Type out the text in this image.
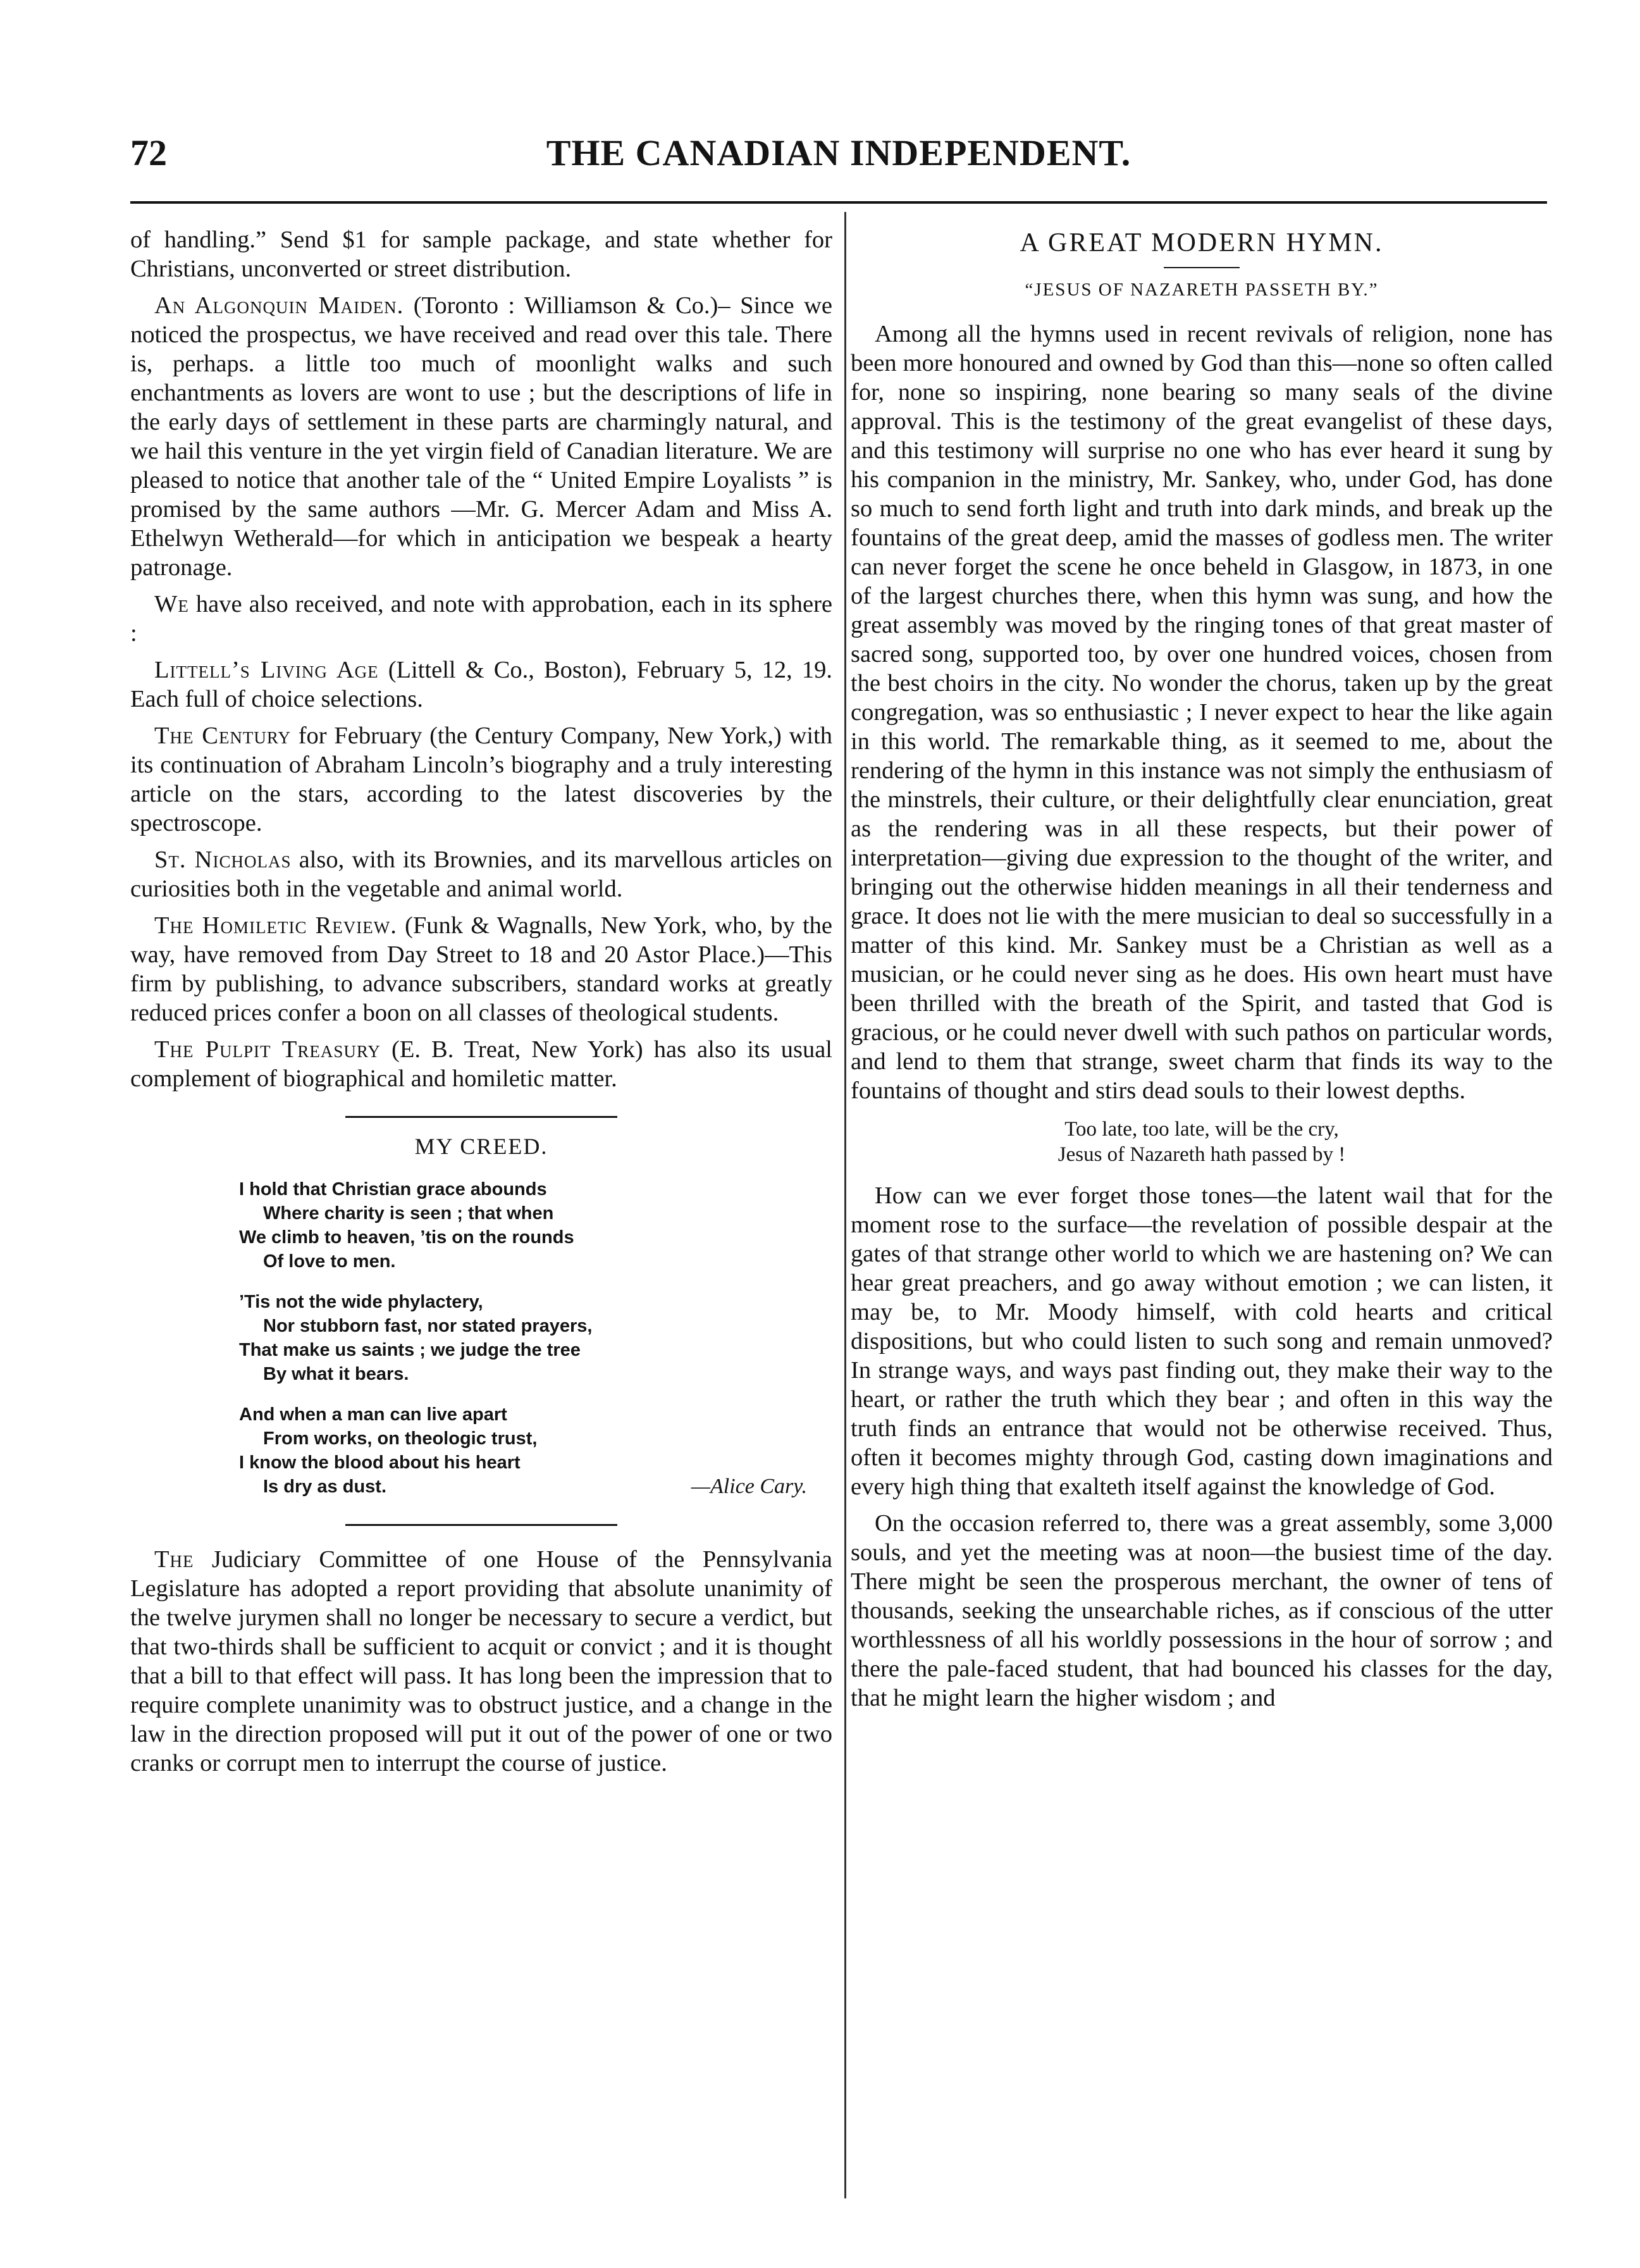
72	THE CANADIAN INDEPENDENT.

of handling.” Send $1 for sample package, and state whether for Christians, unconverted or street distribution.

An Algonquin Maiden. (Toronto : Williamson & Co.)– Since we noticed the prospectus, we have received and read over this tale. There is, perhaps. a little too much of moonlight walks and such enchantments as lovers are wont to use ; but the descriptions of life in the early days of settlement in these parts are charmingly natural, and we hail this venture in the yet virgin field of Canadian literature. We are pleased to notice that another tale of the “ United Empire Loyalists ” is promised by the same authors —Mr. G. Mercer Adam and Miss A. Ethelwyn Wetherald—for which in anticipation we bespeak a hearty patronage.

We have also received, and note with approbation, each in its sphere :

Littell’s Living Age (Littell & Co., Boston), February 5, 12, 19. Each full of choice selections.

The Century for February (the Century Company, New York,) with its continuation of Abraham Lincoln’s biography and a truly interesting article on the stars, according to the latest discoveries by the spectroscope.

St. Nicholas also, with its Brownies, and its marvellous articles on curiosities both in the vegetable and animal world.

The Homiletic Review. (Funk & Wagnalls, New York, who, by the way, have removed from Day Street to 18 and 20 Astor Place.)—This firm by publishing, to advance subscribers, standard works at greatly reduced prices confer a boon on all classes of theological students.

The Pulpit Treasury (E. B. Treat, New York) has also its usual complement of biographical and homiletic matter.

MY CREED.
I hold that Christian grace abounds
Where charity is seen ; that when
We climb to heaven, ’tis on the rounds
Of love to men.
’Tis not the wide phylactery,
Nor stubborn fast, nor stated prayers,
That make us saints ; we judge the tree
By what it bears.
And when a man can live apart
From works, on theologic trust,
I know the blood about his heart
Is dry as dust.	—Alice Cary.

The Judiciary Committee of one House of the Pennsylvania Legislature has adopted a report providing that absolute unanimity of the twelve jurymen shall no longer be necessary to secure a verdict, but that two-thirds shall be sufficient to acquit or convict ; and it is thought that a bill to that effect will pass. It has long been the impression that to require complete unanimity was to obstruct justice, and a change in the law in the direction proposed will put it out of the power of one or two cranks or corrupt men to interrupt the course of justice.

A GREAT MODERN HYMN.
“JESUS OF NAZARETH PASSETH BY.”

Among all the hymns used in recent revivals of religion, none has been more honoured and owned by God than this—none so often called for, none so inspiring, none bearing so many seals of the divine approval. This is the testimony of the great evangelist of these days, and this testimony will surprise no one who has ever heard it sung by his companion in the ministry, Mr. Sankey, who, under God, has done so much to send forth light and truth into dark minds, and break up the fountains of the great deep, amid the masses of godless men. The writer can never forget the scene he once beheld in Glasgow, in 1873, in one of the largest churches there, when this hymn was sung, and how the great assembly was moved by the ringing tones of that great master of sacred song, supported too, by over one hundred voices, chosen from the best choirs in the city. No wonder the chorus, taken up by the great congregation, was so enthusiastic ; I never expect to hear the like again in this world. The remarkable thing, as it seemed to me, about the rendering of the hymn in this instance was not simply the enthusiasm of the minstrels, their culture, or their delightfully clear enunciation, great as the rendering was in all these respects, but their power of interpretation—giving due expression to the thought of the writer, and bringing out the otherwise hidden meanings in all their tenderness and grace. It does not lie with the mere musician to deal so successfully in a matter of this kind. Mr. Sankey must be a Christian as well as a musician, or he could never sing as he does. His own heart must have been thrilled with the breath of the Spirit, and tasted that God is gracious, or he could never dwell with such pathos on particular words, and lend to them that strange, sweet charm that finds its way to the fountains of thought and stirs dead souls to their lowest depths.

Too late, too late, will be the cry,
Jesus of Nazareth hath passed by !

How can we ever forget those tones—the latent wail that for the moment rose to the surface—the revelation of possible despair at the gates of that strange other world to which we are hastening on? We can hear great preachers, and go away without emotion ; we can listen, it may be, to Mr. Moody himself, with cold hearts and critical dispositions, but who could listen to such song and remain unmoved? In strange ways, and ways past finding out, they make their way to the heart, or rather the truth which they bear ; and often in this way the truth finds an entrance that would not be otherwise received. Thus, often it becomes mighty through God, casting down imaginations and every high thing that exalteth itself against the knowledge of God.

On the occasion referred to, there was a great assembly, some 3,000 souls, and yet the meeting was at noon—the busiest time of the day. There might be seen the prosperous merchant, the owner of tens of thousands, seeking the unsearchable riches, as if conscious of the utter worthlessness of all his worldly possessions in the hour of sorrow ; and there the pale-faced student, that had bounced his classes for the day, that he might learn the higher wisdom ; and
